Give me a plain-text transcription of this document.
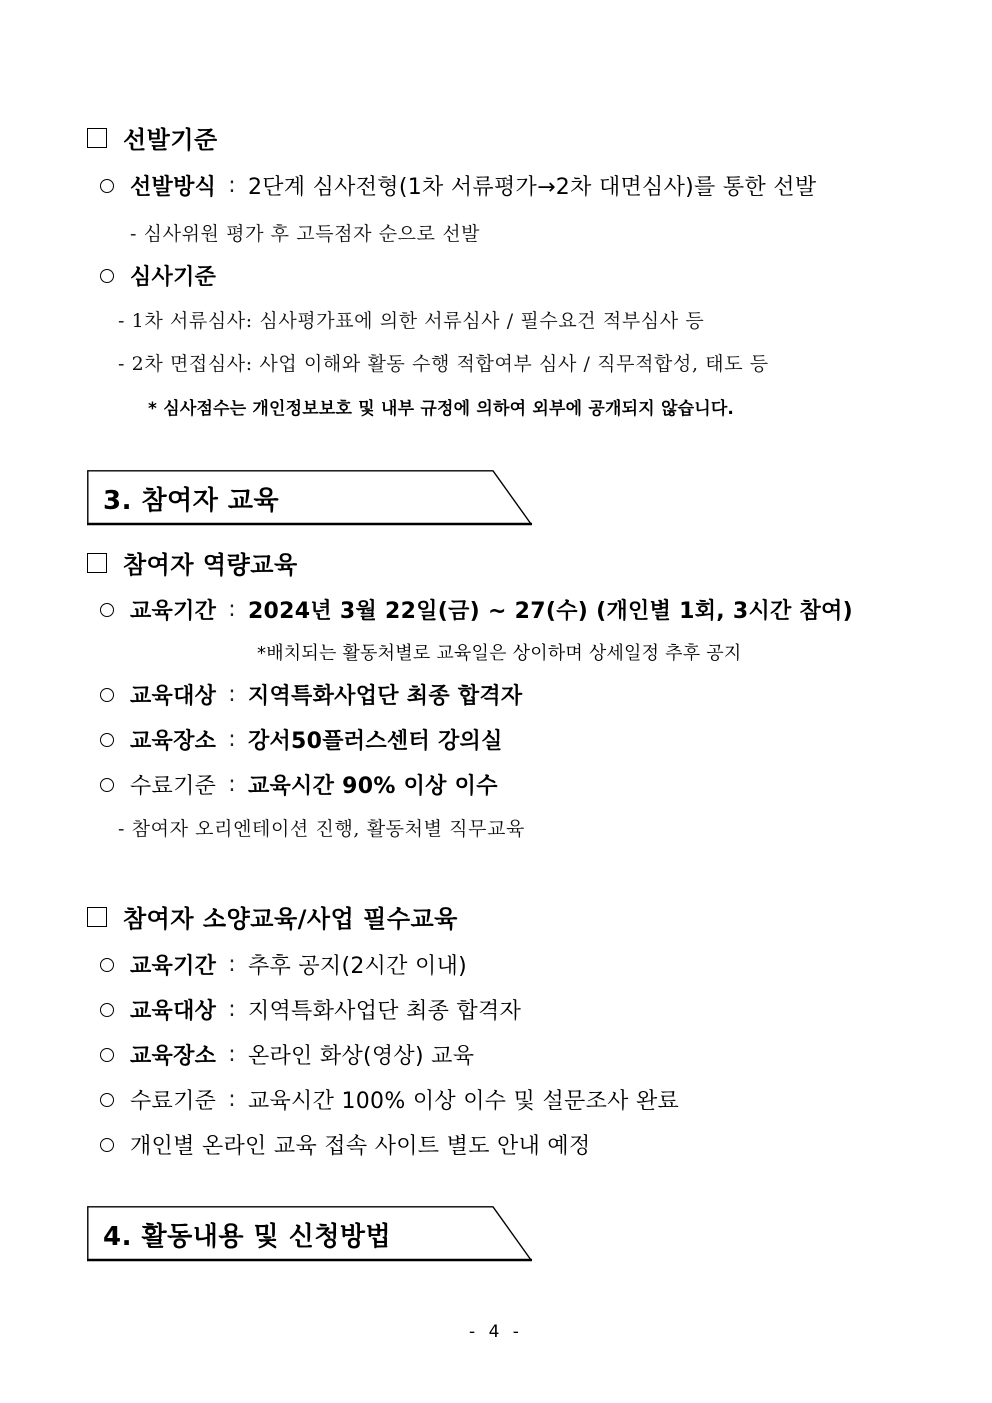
선발기준
선발방식 : 2단계 심사전형(1차 서류평가→2차 대면심사)를 통한 선발
- 심사위원 평가 후 고득점자 순으로 선발
심사기준
- 1차 서류심사: 심사평가표에 의한 서류심사 / 필수요건 적부심사 등
- 2차 면접심사: 사업 이해와 활동 수행 적합여부 심사 / 직무적합성, 태도 등
* 심사점수는 개인정보보호 및 내부 규정에 의하여 외부에 공개되지 않습니다.
3. 참여자 교육
참여자 역량교육
교육기간 : 2024년 3월 22일(금) ~ 27(수) (개인별 1회, 3시간 참여)
*배치되는 활동처별로 교육일은 상이하며 상세일정 추후 공지
교육대상 : 지역특화사업단 최종 합격자
교육장소 : 강서50플러스센터 강의실
수료기준 : 교육시간 90% 이상 이수
- 참여자 오리엔테이션 진행, 활동처별 직무교육
참여자 소양교육/사업 필수교육
교육기간 : 추후 공지(2시간 이내)
교육대상 : 지역특화사업단 최종 합격자
교육장소 : 온라인 화상(영상) 교육
수료기준 : 교육시간 100% 이상 이수 및 설문조사 완료
개인별 온라인 교육 접속 사이트 별도 안내 예정
4. 활동내용 및 신청방법
- 4 -
